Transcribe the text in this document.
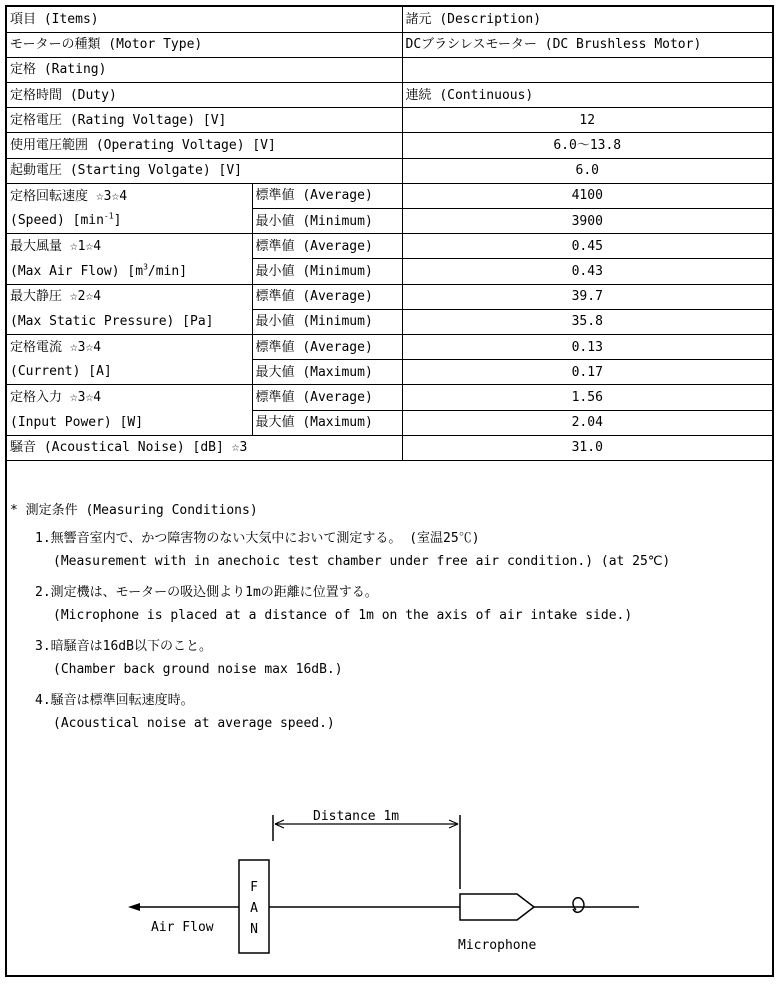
項目 (Items)		諸元 (Description)
モーターの種類 (Motor Type)		DCブラシレスモーター (DC Brushless Motor)
定格 (Rating)		
定格時間 (Duty)		連続 (Continuous)
定格電圧 (Rating Voltage) [V]		12
使用電圧範囲 (Operating Voltage) [V]		6.0〜13.8
起動電圧 (Starting Volgate) [V]		6.0
定格回転速度 ☆3☆4	標準値 (Average)	4100
(Speed) $[\min^{-1}]$	最小値 (Minimum)	3900
最大風量 ☆1☆4	標準値 (Average)	0.45
(Max Air Flow) $[m^3/\min]$	最小値 (Minimum)	0.43
最大静圧 ☆2☆4	標準値 (Average)	39.7
(Max Static Pressure) [Pa]	最小値 (Minimum)	35.8
定格電流 ☆3☆4	標準値 (Average)	0.13
(Current) [A]	最大値 (Maximum)	0.17
定格入力 ☆3☆4	標準値 (Average)	1.56
(Input Power) [W]	最大値 (Maximum)	2.04
騒音 (Acoustical Noise) [dB] ☆3		31.0
* 測定条件 (Measuring Conditions)
1.無響音室内で、かつ障害物のない大気中において測定する。 (室温25℃)
(Measurement with in anechoic test chamber under free air condition.) (at 25℃)
2.測定機は、モーターの吸込側より1mの距離に位置する。
(Microphone is placed at a distance of 1m on the axis of air intake side.)
3.暗騒音は16dB以下のこと。
(Chamber back ground noise max 16dB.)
4.騒音は標準回転速度時。
(Acoustical noise at average speed.)
Distance 1m
F
A
N
Air Flow
Microphone
